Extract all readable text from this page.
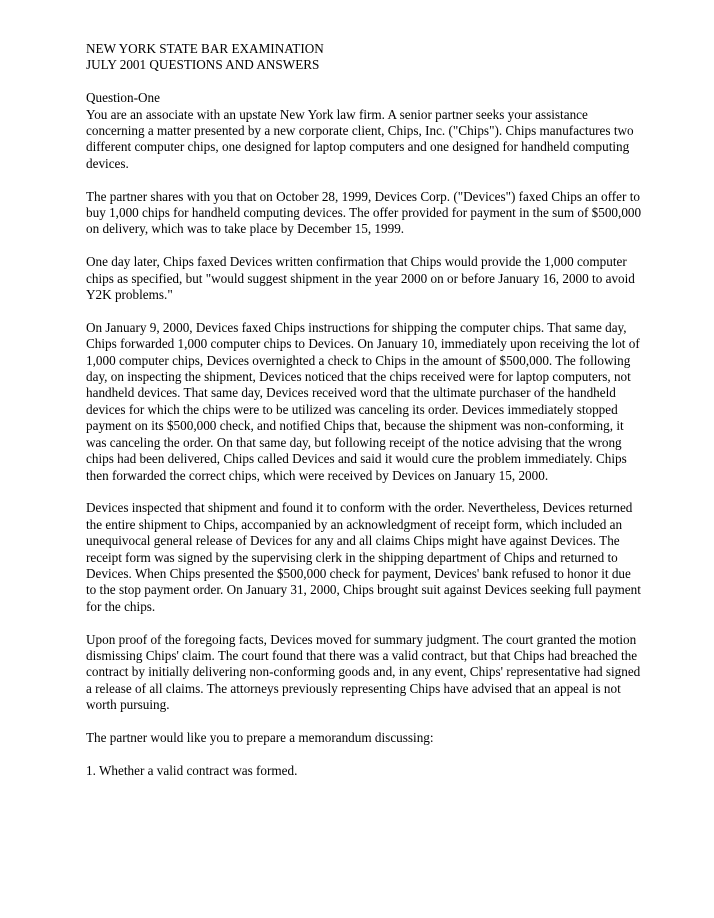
NEW YORK STATE BAR EXAMINATION

JULY 2001 QUESTIONS AND ANSWERS

Question-One

You are an associate with an upstate New York law firm. A senior partner seeks your assistance concerning a matter presented by a new corporate client, Chips, Inc. ("Chips"). Chips manufactures two different computer chips, one designed for laptop computers and one designed for handheld computing devices.

The partner shares with you that on October 28, 1999, Devices Corp. ("Devices") faxed Chips an offer to buy 1,000 chips for handheld computing devices. The offer provided for payment in the sum of $500,000 on delivery, which was to take place by December 15, 1999.

One day later, Chips faxed Devices written confirmation that Chips would provide the 1,000 computer chips as specified, but "would suggest shipment in the year 2000 on or before January 16, 2000 to avoid Y2K problems."

On January 9, 2000, Devices faxed Chips instructions for shipping the computer chips. That same day, Chips forwarded 1,000 computer chips to Devices. On January 10, immediately upon receiving the lot of 1,000 computer chips, Devices overnighted a check to Chips in the amount of $500,000. The following day, on inspecting the shipment, Devices noticed that the chips received were for laptop computers, not handheld devices. That same day, Devices received word that the ultimate purchaser of the handheld devices for which the chips were to be utilized was canceling its order. Devices immediately stopped payment on its $500,000 check, and notified Chips that, because the shipment was non-conforming, it was canceling the order. On that same day, but following receipt of the notice advising that the wrong chips had been delivered, Chips called Devices and said it would cure the problem immediately. Chips then forwarded the correct chips, which were received by Devices on January 15, 2000.

Devices inspected that shipment and found it to conform with the order. Nevertheless, Devices returned the entire shipment to Chips, accompanied by an acknowledgment of receipt form, which included an unequivocal general release of Devices for any and all claims Chips might have against Devices. The receipt form was signed by the supervising clerk in the shipping department of Chips and returned to Devices. When Chips presented the $500,000 check for payment, Devices' bank refused to honor it due to the stop payment order. On January 31, 2000, Chips brought suit against Devices seeking full payment for the chips.

Upon proof of the foregoing facts, Devices moved for summary judgment. The court granted the motion dismissing Chips' claim. The court found that there was a valid contract, but that Chips had breached the contract by initially delivering non-conforming goods and, in any event, Chips' representative had signed a release of all claims. The attorneys previously representing Chips have advised that an appeal is not worth pursuing.

The partner would like you to prepare a memorandum discussing:

1. Whether a valid contract was formed.
